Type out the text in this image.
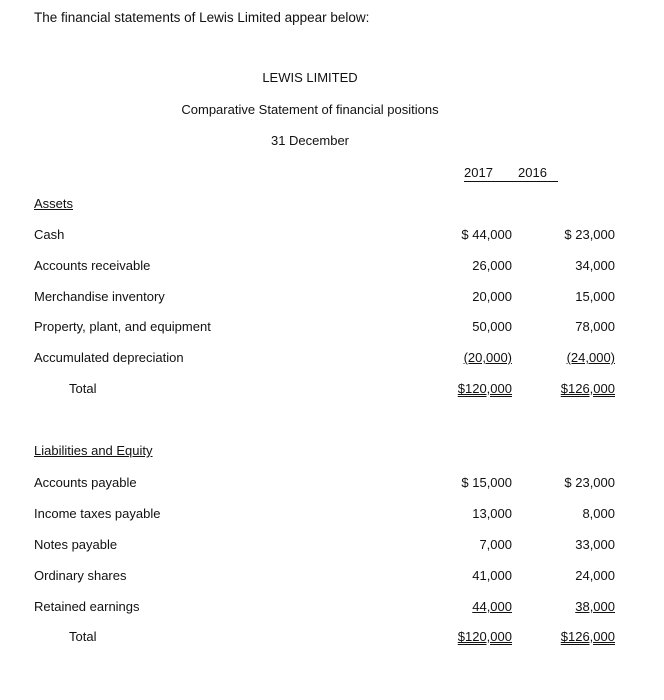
The financial statements of Lewis Limited appear below:
LEWIS LIMITED
Comparative Statement of financial positions
31 December
2017 2016
Assets
Cash	$ 44,000	$ 23,000
Accounts receivable	26,000	34,000
Merchandise inventory	20,000	15,000
Property, plant, and equipment	50,000	78,000
Accumulated depreciation	(20,000)	(24,000)
Total	$120,000	$126,000
Liabilities and Equity
Accounts payable	$ 15,000	$ 23,000
Income taxes payable	13,000	8,000
Notes payable	7,000	33,000
Ordinary shares	41,000	24,000
Retained earnings	44,000	38,000
Total	$120,000	$126,000
